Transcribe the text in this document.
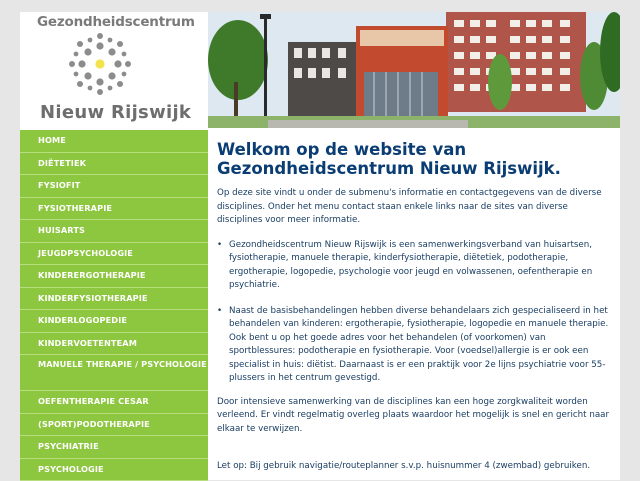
Gezondheidscentrum
Nieuw Rijswijk
HOME
DIËTETIEK
FYSIOFIT
FYSIOTHERAPIE
HUISARTS
JEUGDPSYCHOLOGIE
KINDERERGOTHERAPIE
KINDERFYSIOTHERAPIE
KINDERLOGOPEDIE
KINDERVOETENTEAM
MANUELE THERAPIE / PSYCHOLOGIE
OEFENTHERAPIE CESAR
(SPORT)PODOTHERAPIE
PSYCHIATRIE
PSYCHOLOGIE
Welkom op de website van Gezondheidscentrum Nieuw Rijswijk.

Op deze site vindt u onder de submenu's informatie en contactgegevens van de diverse disciplines. Onder het menu contact staan enkele links naar de sites van diverse disciplines voor meer informatie.

• Gezondheidscentrum Nieuw Rijswijk is een samenwerkingsverband van huisartsen, fysiotherapie, manuele therapie, kinderfysiotherapie, diëtetiek, podotherapie, ergotherapie, logopedie, psychologie voor jeugd en volwassenen, oefentherapie en psychiatrie.
• Naast de basisbehandelingen hebben diverse behandelaars zich gespecialiseerd in het behandelen van kinderen: ergotherapie, fysiotherapie, logopedie en manuele therapie. Ook bent u op het goede adres voor het behandelen (of voorkomen) van sportblessures: podotherapie en fysiotherapie. Voor (voedsel)allergie is er ook een specialist in huis: diëtist. Daarnaast is er een praktijk voor 2e lijns psychiatrie voor 55-plussers in het centrum gevestigd.

Door intensieve samenwerking van de disciplines kan een hoge zorgkwaliteit worden verleend. Er vindt regelmatig overleg plaats waardoor het mogelijk is snel en gericht naar elkaar te verwijzen.

Let op: Bij gebruik navigatie/routeplanner s.v.p. huisnummer 4 (zwembad) gebruiken.
